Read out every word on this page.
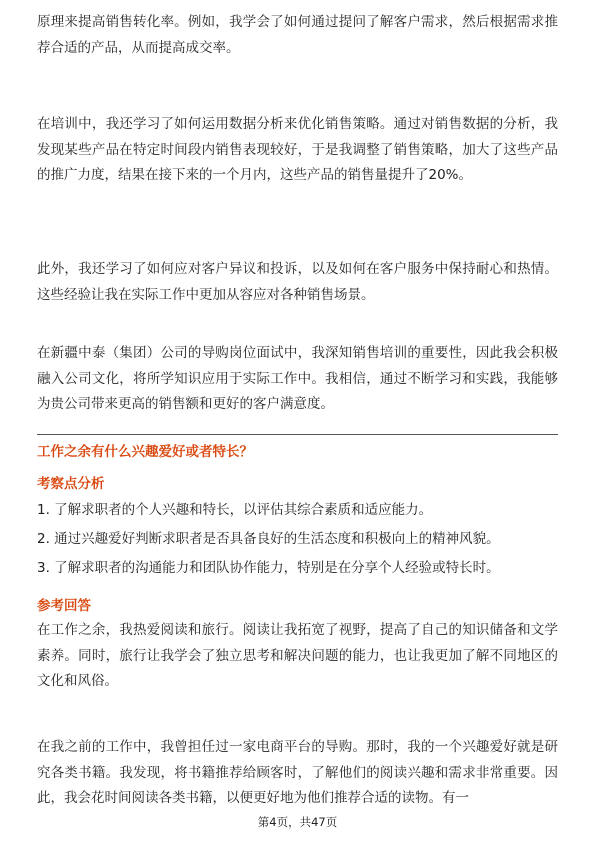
原理来提高销售转化率。例如，我学会了如何通过提问了解客户需求，然后根据需求推荐合适的产品，从而提高成交率。

在培训中，我还学习了如何运用数据分析来优化销售策略。通过对销售数据的分析，我发现某些产品在特定时间段内销售表现较好，于是我调整了销售策略，加大了这些产品的推广力度，结果在接下来的一个月内，这些产品的销售量提升了20%。

此外，我还学习了如何应对客户异议和投诉，以及如何在客户服务中保持耐心和热情。这些经验让我在实际工作中更加从容应对各种销售场景。

在新疆中泰（集团）公司的导购岗位面试中，我深知销售培训的重要性，因此我会积极融入公司文化，将所学知识应用于实际工作中。我相信，通过不断学习和实践，我能够为贵公司带来更高的销售额和更好的客户满意度。

工作之余有什么兴趣爱好或者特长？
考察点分析
1. 了解求职者的个人兴趣和特长，以评估其综合素质和适应能力。
2. 通过兴趣爱好判断求职者是否具备良好的生活态度和积极向上的精神风貌。
3. 了解求职者的沟通能力和团队协作能力，特别是在分享个人经验或特长时。
参考回答

在工作之余，我热爱阅读和旅行。阅读让我拓宽了视野，提高了自己的知识储备和文学素养。同时，旅行让我学会了独立思考和解决问题的能力，也让我更加了解不同地区的文化和风俗。

在我之前的工作中，我曾担任过一家电商平台的导购。那时，我的一个兴趣爱好就是研究各类书籍。我发现，将书籍推荐给顾客时，了解他们的阅读兴趣和需求非常重要。因此，我会花时间阅读各类书籍，以便更好地为他们推荐合适的读物。有一

第4页，共47页
